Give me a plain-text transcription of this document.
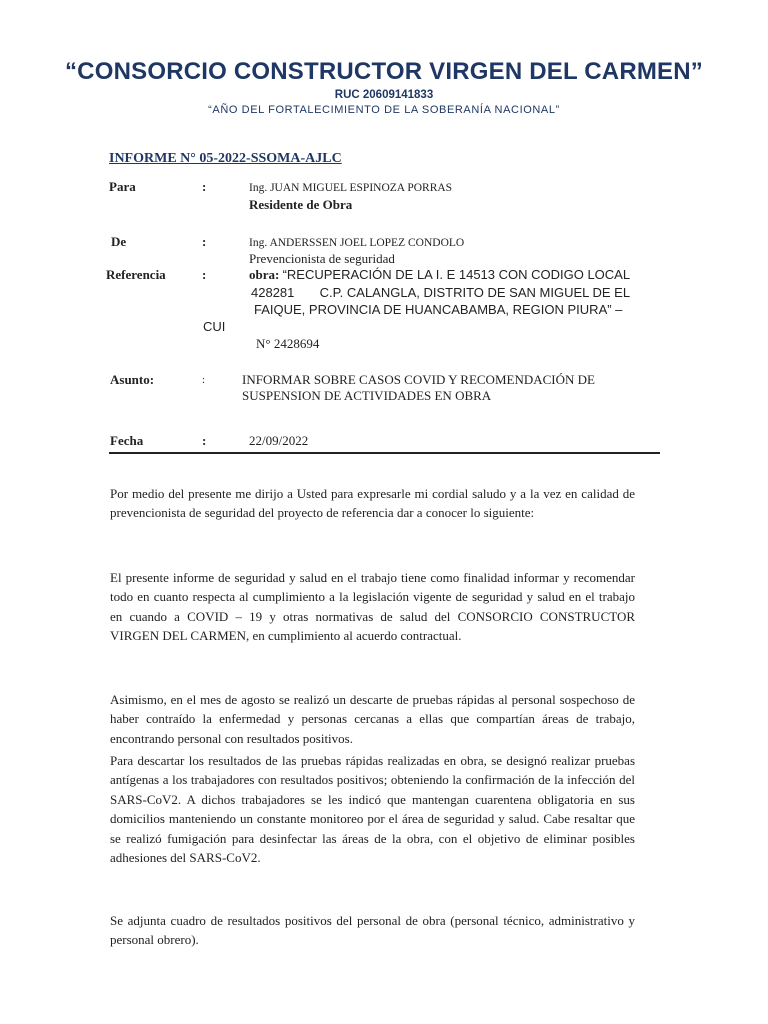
“CONSORCIO CONSTRUCTOR VIRGEN DEL CARMEN”
RUC 20609141833
“AÑO DEL FORTALECIMIENTO DE LA SOBERANÍA NACIONAL”
INFORME N° 05-2022-SSOMA-AJLC
Para	:	Ing. JUAN MIGUEL ESPINOZA PORRAS
Residente de Obra
De	:	Ing. ANDERSSEN JOEL LOPEZ CONDOLO
Prevencionista de seguridad
Referencia	:	obra: “RECUPERACIÓN DE LA I. E 14513 CON CODIGO LOCAL
428281       C.P. CALANGLA, DISTRITO DE SAN MIGUEL DE EL
FAIQUE, PROVINCIA DE HUANCABAMBA, REGION PIURA” –
CUI
N° 2428694
Asunto:	:	INFORMAR SOBRE CASOS COVID Y RECOMENDACIÓN DE
SUSPENSION DE ACTIVIDADES EN OBRA
Fecha	:	22/09/2022
Por medio del presente me dirijo a Usted para expresarle mi cordial saludo y a la vez en calidad de prevencionista de seguridad del proyecto de referencia dar a conocer lo siguiente:
El presente informe de seguridad y salud en el trabajo tiene como finalidad informar y recomendar todo en cuanto respecta al cumplimiento a la legislación vigente de seguridad y salud en el trabajo en cuando a COVID – 19 y otras normativas de salud del CONSORCIO CONSTRUCTOR VIRGEN DEL CARMEN, en cumplimiento al acuerdo contractual.
Asimismo, en el mes de agosto se realizó un descarte de pruebas rápidas al personal sospechoso de haber contraído la enfermedad y personas cercanas a ellas que compartían áreas de trabajo, encontrando personal con resultados positivos.
Para descartar los resultados de las pruebas rápidas realizadas en obra, se designó realizar pruebas antígenas a los trabajadores con resultados positivos; obteniendo la confirmación de la infección del SARS-CoV2. A dichos trabajadores se les indicó que mantengan cuarentena obligatoria en sus domicilios manteniendo un constante monitoreo por el área de seguridad y salud. Cabe resaltar que se realizó fumigación para desinfectar las áreas de la obra, con el objetivo de eliminar posibles adhesiones del SARS-CoV2.
Se adjunta cuadro de resultados positivos del personal de obra (personal técnico, administrativo y personal obrero).
